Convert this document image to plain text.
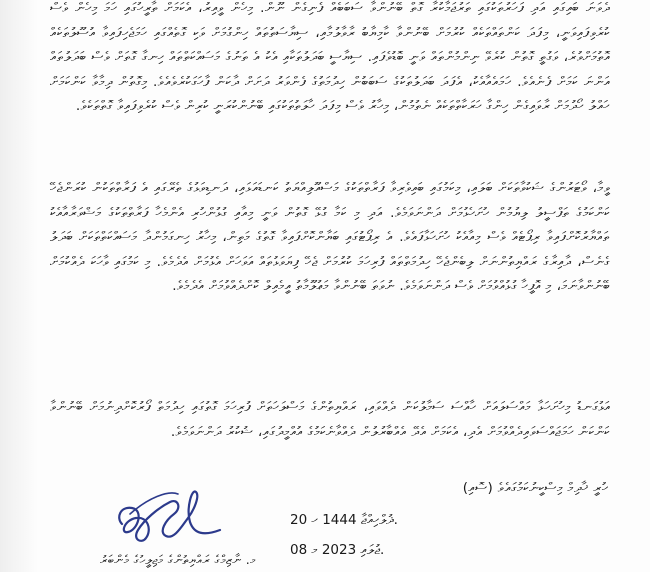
ދެވަނަ ބައިގައި އަދި ފަހަރުތަކުގައި ތަރުޖަމާކުރާ ގޮތް ބޭނުންވާ ސަބަބެއް ފެނިގެން ނޫން. މިހެން ވީއިރު، އެކަމަށް ތާރީހުގައި ހަމަ މިހެން ވެސް ކުރެވިފައިވަނީ، މިފަދަ ކަންތައްތަކެއް ކުރުމަށް ބޭނުންވާ ކާމިޔާބު ރާވާލުމާއި، ސިޔާސަތުތައް ހިންގުމަށް ވަކި ގޮތެއްގައި ހަމަޖެހިފައިވާ އުސޫލުތަކެއް އޮތުމަށްވުރެ، ވަގުތީ ގޮތުން ކުރެވޭ ނިންމުންތައް ވަނީ ބޮޑުވެފައި. ސިޔާސީ ބަދަލުތަކާއި އެކު އެ ތަނުގެ މަސައްކަތްތައް ހިނގާ ގޮތަށް ވެސް ބަދަލުތައް އަންނަ ކަމަށް ފެނެއެވެ. ހަމައެއާއެކު، އެފަދަ ބަދަލުތަކުގެ ސަބަބުން ހިދުމަތުގެ ފެންވަރު ދަށަށް ދާކަން ފާހަގަކުރެވެއެވެ. މިގޮތުން ދިމާވާ ކަންކަމަށް ހައްލު ހޯދުމަށް ރާވައިގެން ހިންގާ ހަރަކާތްތަކެއް ނެތުމުން، މިހާރު ވެސް މިފަދަ ހާލަތުތަކުގައި ބޭނުންކުރަނީ ކުރިން ވެސް ކުރެވިފައިވާ ގޮތްތަކެވެ.
ވީމާ، ވޯޓަރުންގެ ޝަކުވާތަކަށް ބަލައި، މިކަމުގައި ބައިވެރިވާ ފަރާތްތަކުގެ މަސްއޫލިއްޔަތު ކަނޑައަޅައި، ދަނޑިވަޅުގެ ތެރޭގައި އެ ފަރާތްތަކުން ކުރަންޖެހޭ ކަންކަމުގެ ތަފްސީލު ލިޔުމުން ހުށަހެޅުމަށް ދަންނަވަމެވެ. އަދި މި ކަމާ ގުޅޭ ގޮތުން ވަނީ މިއާއި ގުޅުންހުރި އެންމެހާ ފަރާތްތަކުގެ މަޝްވަރާއާއެކު ތައްޔާރުކޮށްފައިވާ ރިޕޯޓެއް ވެސް މިއާއެކު ހުށަހަޅާފައެވެ. އެ ރިޕޯޓުގައި ބަޔާންކޮށްފައިވާ ގޮތުގެ މަތިން، މިހާރު ހިނގަމުންދާ މަސައްކަތްތަކަށް ބަދަލު ގެނެސް، ދާއިރާގެ ރައްޔިތުންނަށް ލިބެންޖެހޭ ހިދުމަތްތައް ފުރިހަމަ ކުރުމަށް ޖެހޭ ފިޔަވަޅުތައް އަވަހަށް އެޅުމަށް އެދެމެވެ. މި ކަމުގައި ވާހަކަ ދެއްކުމަށް ބޭނުންވާނަމަ، މި އޮފީހާ ގުޅުއްވުމަށް ވެސް ދަންނަވަމެވެ. ނުވަތަ ބޭނުންވާ މަޢުލޫމާތު އީމެއިލް ކޮށްދެއްވުމަށް އެދެމެވެ.
އަޅުގަނޑު މިހުށަހަޅާ މައްސަލައަށް ހާއްސަ ސަމާލުކަން ދެއްވައި، ރައްޔިތުންގެ މަސްލަހަތަށް ފުރިހަމަ ގޮތުގައި ހިދުމަތް ފޯރުކޮށްދިނުމަށް ބޭނުންވާ ކަންކަން ހަމަޖައްސަވައިދެއްވުމަށް އެދި، އެކަމަށް އެދޭ އެއްބާރުލުން ދެއްވާނެކަމުގެ އުއްމީދުގައި، ޝުކުރު ދަންނަވަމެވެ.
ހުރީ ޚާދިމް މިސްކީނުކަމުގައެވެ (ސޮއި)
20 ޛުލްހިއްޖާ 1444 ހ.
08 ޖުލައި 2023 މ.
މ. ނާޒިމްގެ ރައްޔިތުންގެ މަޖިލީހުގެ މެންބަރު
